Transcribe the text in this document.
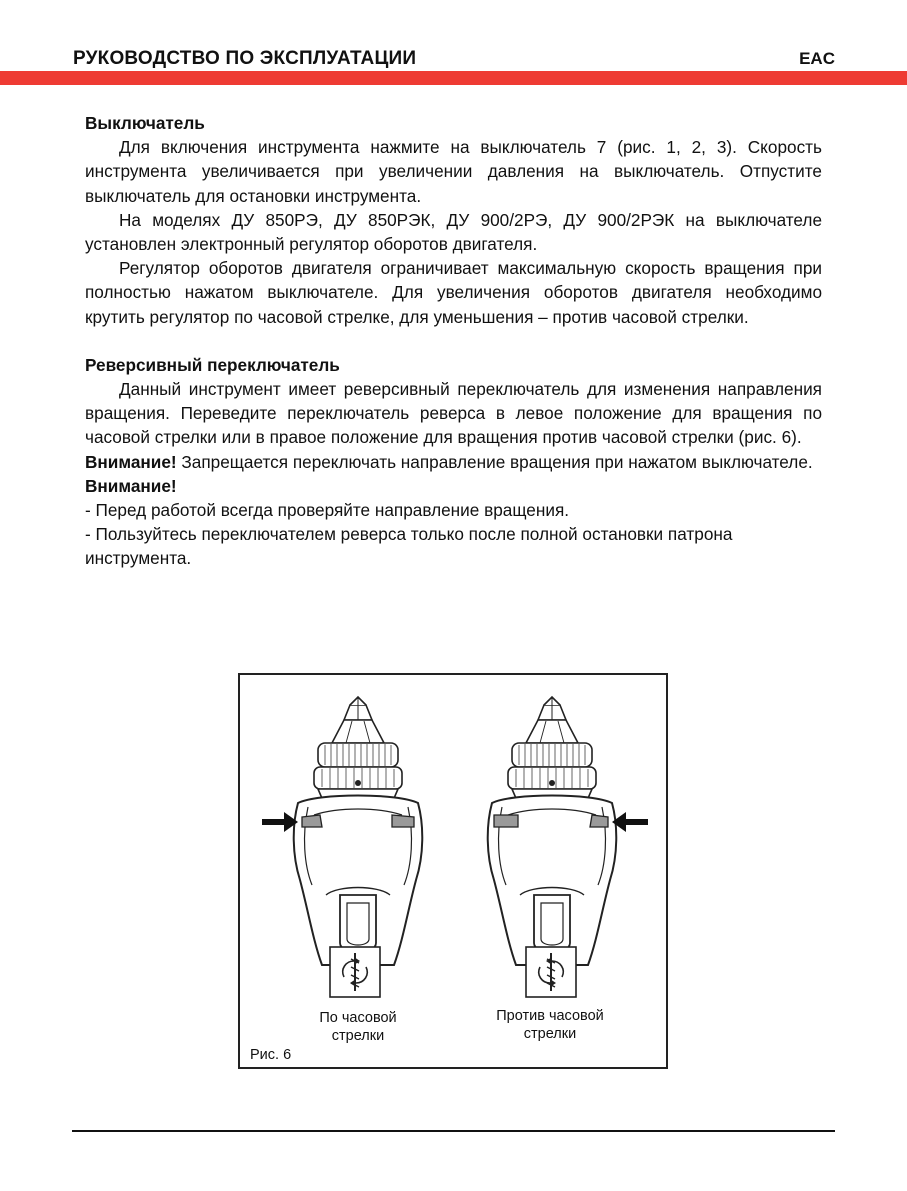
РУКОВОДСТВО ПО ЭКСПЛУАТАЦИИ	EAC
Выключатель

Для включения инструмента нажмите на выключатель 7 (рис. 1, 2, 3). Скорость инструмента увеличивается при увеличении давления на выключатель. Отпустите выключатель для остановки инструмента.

На моделях ДУ 850РЭ, ДУ 850РЭК, ДУ 900/2РЭ, ДУ 900/2РЭК на выключателе установлен электронный регулятор оборотов двигателя.

Регулятор оборотов двигателя ограничивает максимальную скорость вращения при полностью нажатом выключателе. Для увеличения оборотов двигателя необходимо крутить регулятор по часовой стрелке, для уменьшения – против часовой стрелки.

Реверсивный переключатель

Данный инструмент имеет реверсивный переключатель для изменения направления вращения. Переведите переключатель реверса в левое положение для вращения по часовой стрелки или в правое положение для вращения против часовой стрелки (рис. 6).

Внимание! Запрещается переключать направление вращения при нажатом выключателе.

Внимание!

- Перед работой всегда проверяйте направление вращения.

- Пользуйтесь переключателем реверса только после полной остановки патрона инструмента.

По часовой
стрелки
Против часовой
стрелки
Рис. 6
